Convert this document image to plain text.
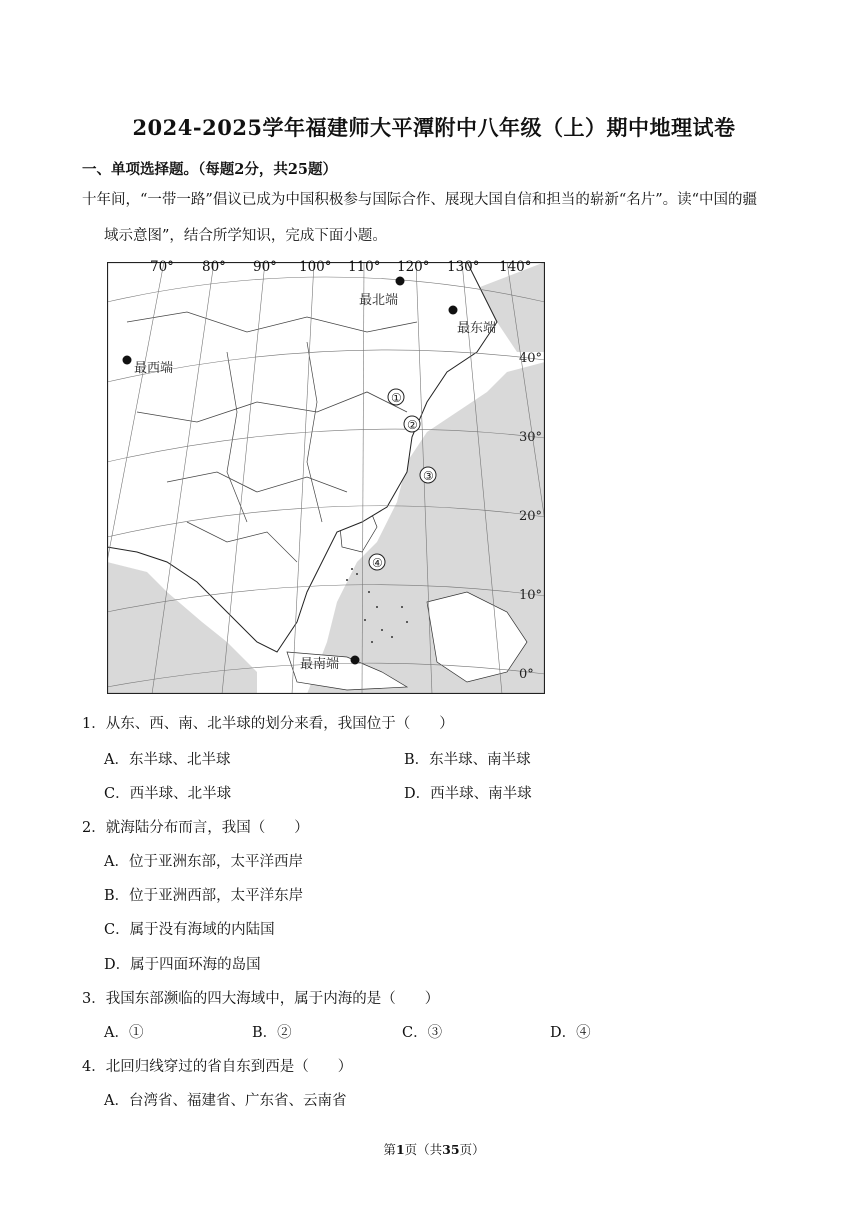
2024-2025学年福建师大平潭附中八年级（上）期中地理试卷
一、单项选择题。（每题2分，共25题）
十年间，“一带一路”倡议已成为中国积极参与国际合作、展现大国自信和担当的崭新“名片”。读“中国的疆
域示意图”，结合所学知识，完成下面小题。
最北端
最东端
最西端
最南端
①
②
③
④
40°
30°
20°
10°
0°
70° 80° 90° 100° 110° 120° 130° 140°
1．从东、西、南、北半球的划分来看，我国位于（　　）
A．东半球、北半球	B．东半球、南半球
C．西半球、北半球	D．西半球、南半球
2．就海陆分布而言，我国（　　）
A．位于亚洲东部，太平洋西岸
B．位于亚洲西部，太平洋东岸
C．属于没有海域的内陆国
D．属于四面环海的岛国
3．我国东部濒临的四大海域中，属于内海的是（　　）
A．①	B．②	C．③	D．④
4．北回归线穿过的省自东到西是（　　）
A．台湾省、福建省、广东省、云南省
第1页（共35页）
